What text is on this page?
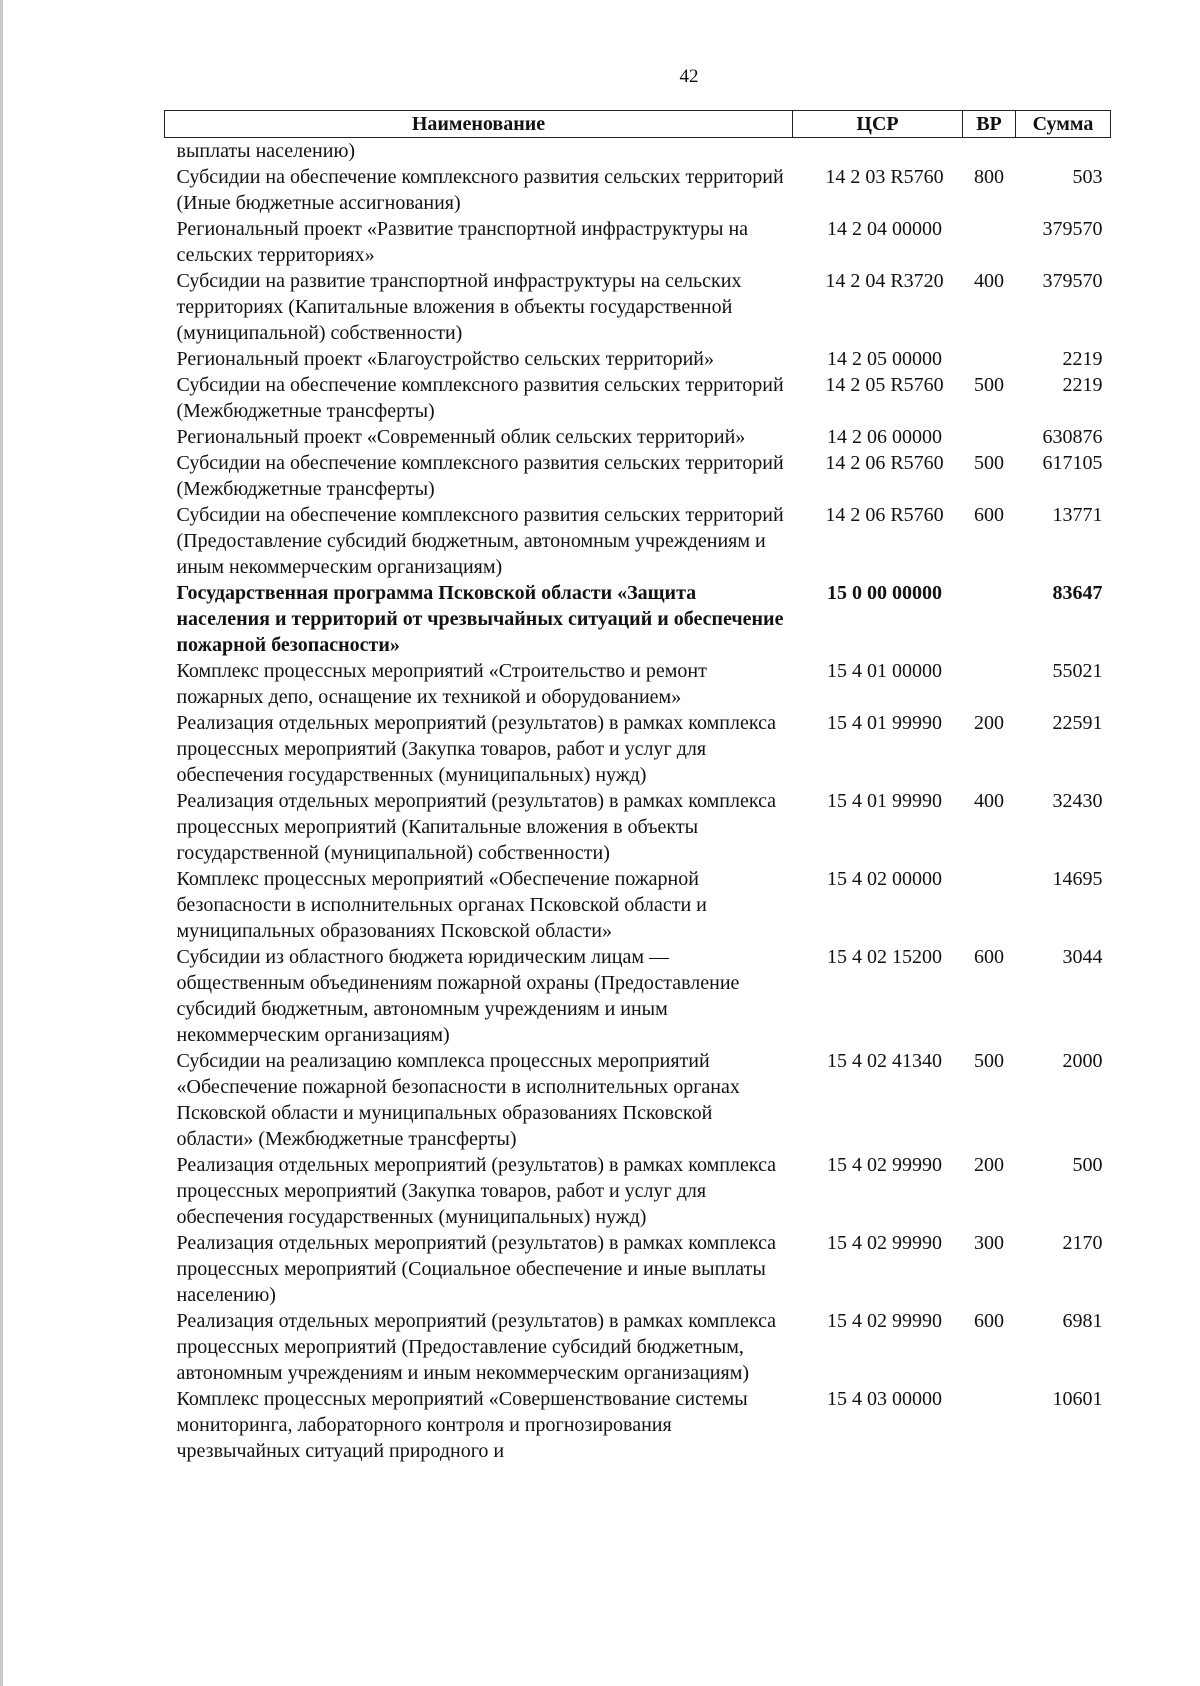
42
Наименование	ЦСР	ВР	Сумма
выплаты населению)			
Субсидии на обеспечение комплексного развития сельских территорий (Иные бюджетные ассигнования)	14 2 03 R5760	800	503
Региональный проект «Развитие транспортной инфраструктуры на сельских территориях»	14 2 04 00000		379570
Субсидии на развитие транспортной инфраструктуры на сельских территориях (Капитальные вложения в объекты государственной (муниципальной) собственности)	14 2 04 R3720	400	379570
Региональный проект «Благоустройство сельских территорий»	14 2 05 00000		2219
Субсидии на обеспечение комплексного развития сельских территорий (Межбюджетные трансферты)	14 2 05 R5760	500	2219
Региональный проект «Современный облик сельских территорий»	14 2 06 00000		630876
Субсидии на обеспечение комплексного развития сельских территорий (Межбюджетные трансферты)	14 2 06 R5760	500	617105
Субсидии на обеспечение комплексного развития сельских территорий (Предоставление субсидий бюджетным, автономным учреждениям и иным некоммерческим организациям)	14 2 06 R5760	600	13771
Государственная программа Псковской области «Защита населения и территорий от чрезвычайных ситуаций и обеспечение пожарной безопасности»	15 0 00 00000		83647
Комплекс процессных мероприятий «Строительство и ремонт пожарных депо, оснащение их техникой и оборудованием»	15 4 01 00000		55021
Реализация отдельных мероприятий (результатов) в рамках комплекса процессных мероприятий (Закупка товаров, работ и услуг для обеспечения государственных (муниципальных) нужд)	15 4 01 99990	200	22591
Реализация отдельных мероприятий (результатов) в рамках комплекса процессных мероприятий (Капитальные вложения в объекты государственной (муниципальной) собственности)	15 4 01 99990	400	32430
Комплекс процессных мероприятий «Обеспечение пожарной безопасности в исполнительных органах Псковской области и муниципальных образованиях Псковской области»	15 4 02 00000		14695
Субсидии из областного бюджета юридическим лицам — общественным объединениям пожарной охраны (Предоставление субсидий бюджетным, автономным учреждениям и иным некоммерческим организациям)	15 4 02 15200	600	3044
Субсидии на реализацию комплекса процессных мероприятий «Обеспечение пожарной безопасности в исполнительных органах Псковской области и муниципальных образованиях Псковской области» (Межбюджетные трансферты)	15 4 02 41340	500	2000
Реализация отдельных мероприятий (результатов) в рамках комплекса процессных мероприятий (Закупка товаров, работ и услуг для обеспечения государственных (муниципальных) нужд)	15 4 02 99990	200	500
Реализация отдельных мероприятий (результатов) в рамках комплекса процессных мероприятий (Социальное обеспечение и иные выплаты населению)	15 4 02 99990	300	2170
Реализация отдельных мероприятий (результатов) в рамках комплекса процессных мероприятий (Предоставление субсидий бюджетным, автономным учреждениям и иным некоммерческим организациям)	15 4 02 99990	600	6981
Комплекс процессных мероприятий «Совершенствование системы мониторинга, лабораторного контроля и прогнозирования чрезвычайных ситуаций природного и	15 4 03 00000		10601
